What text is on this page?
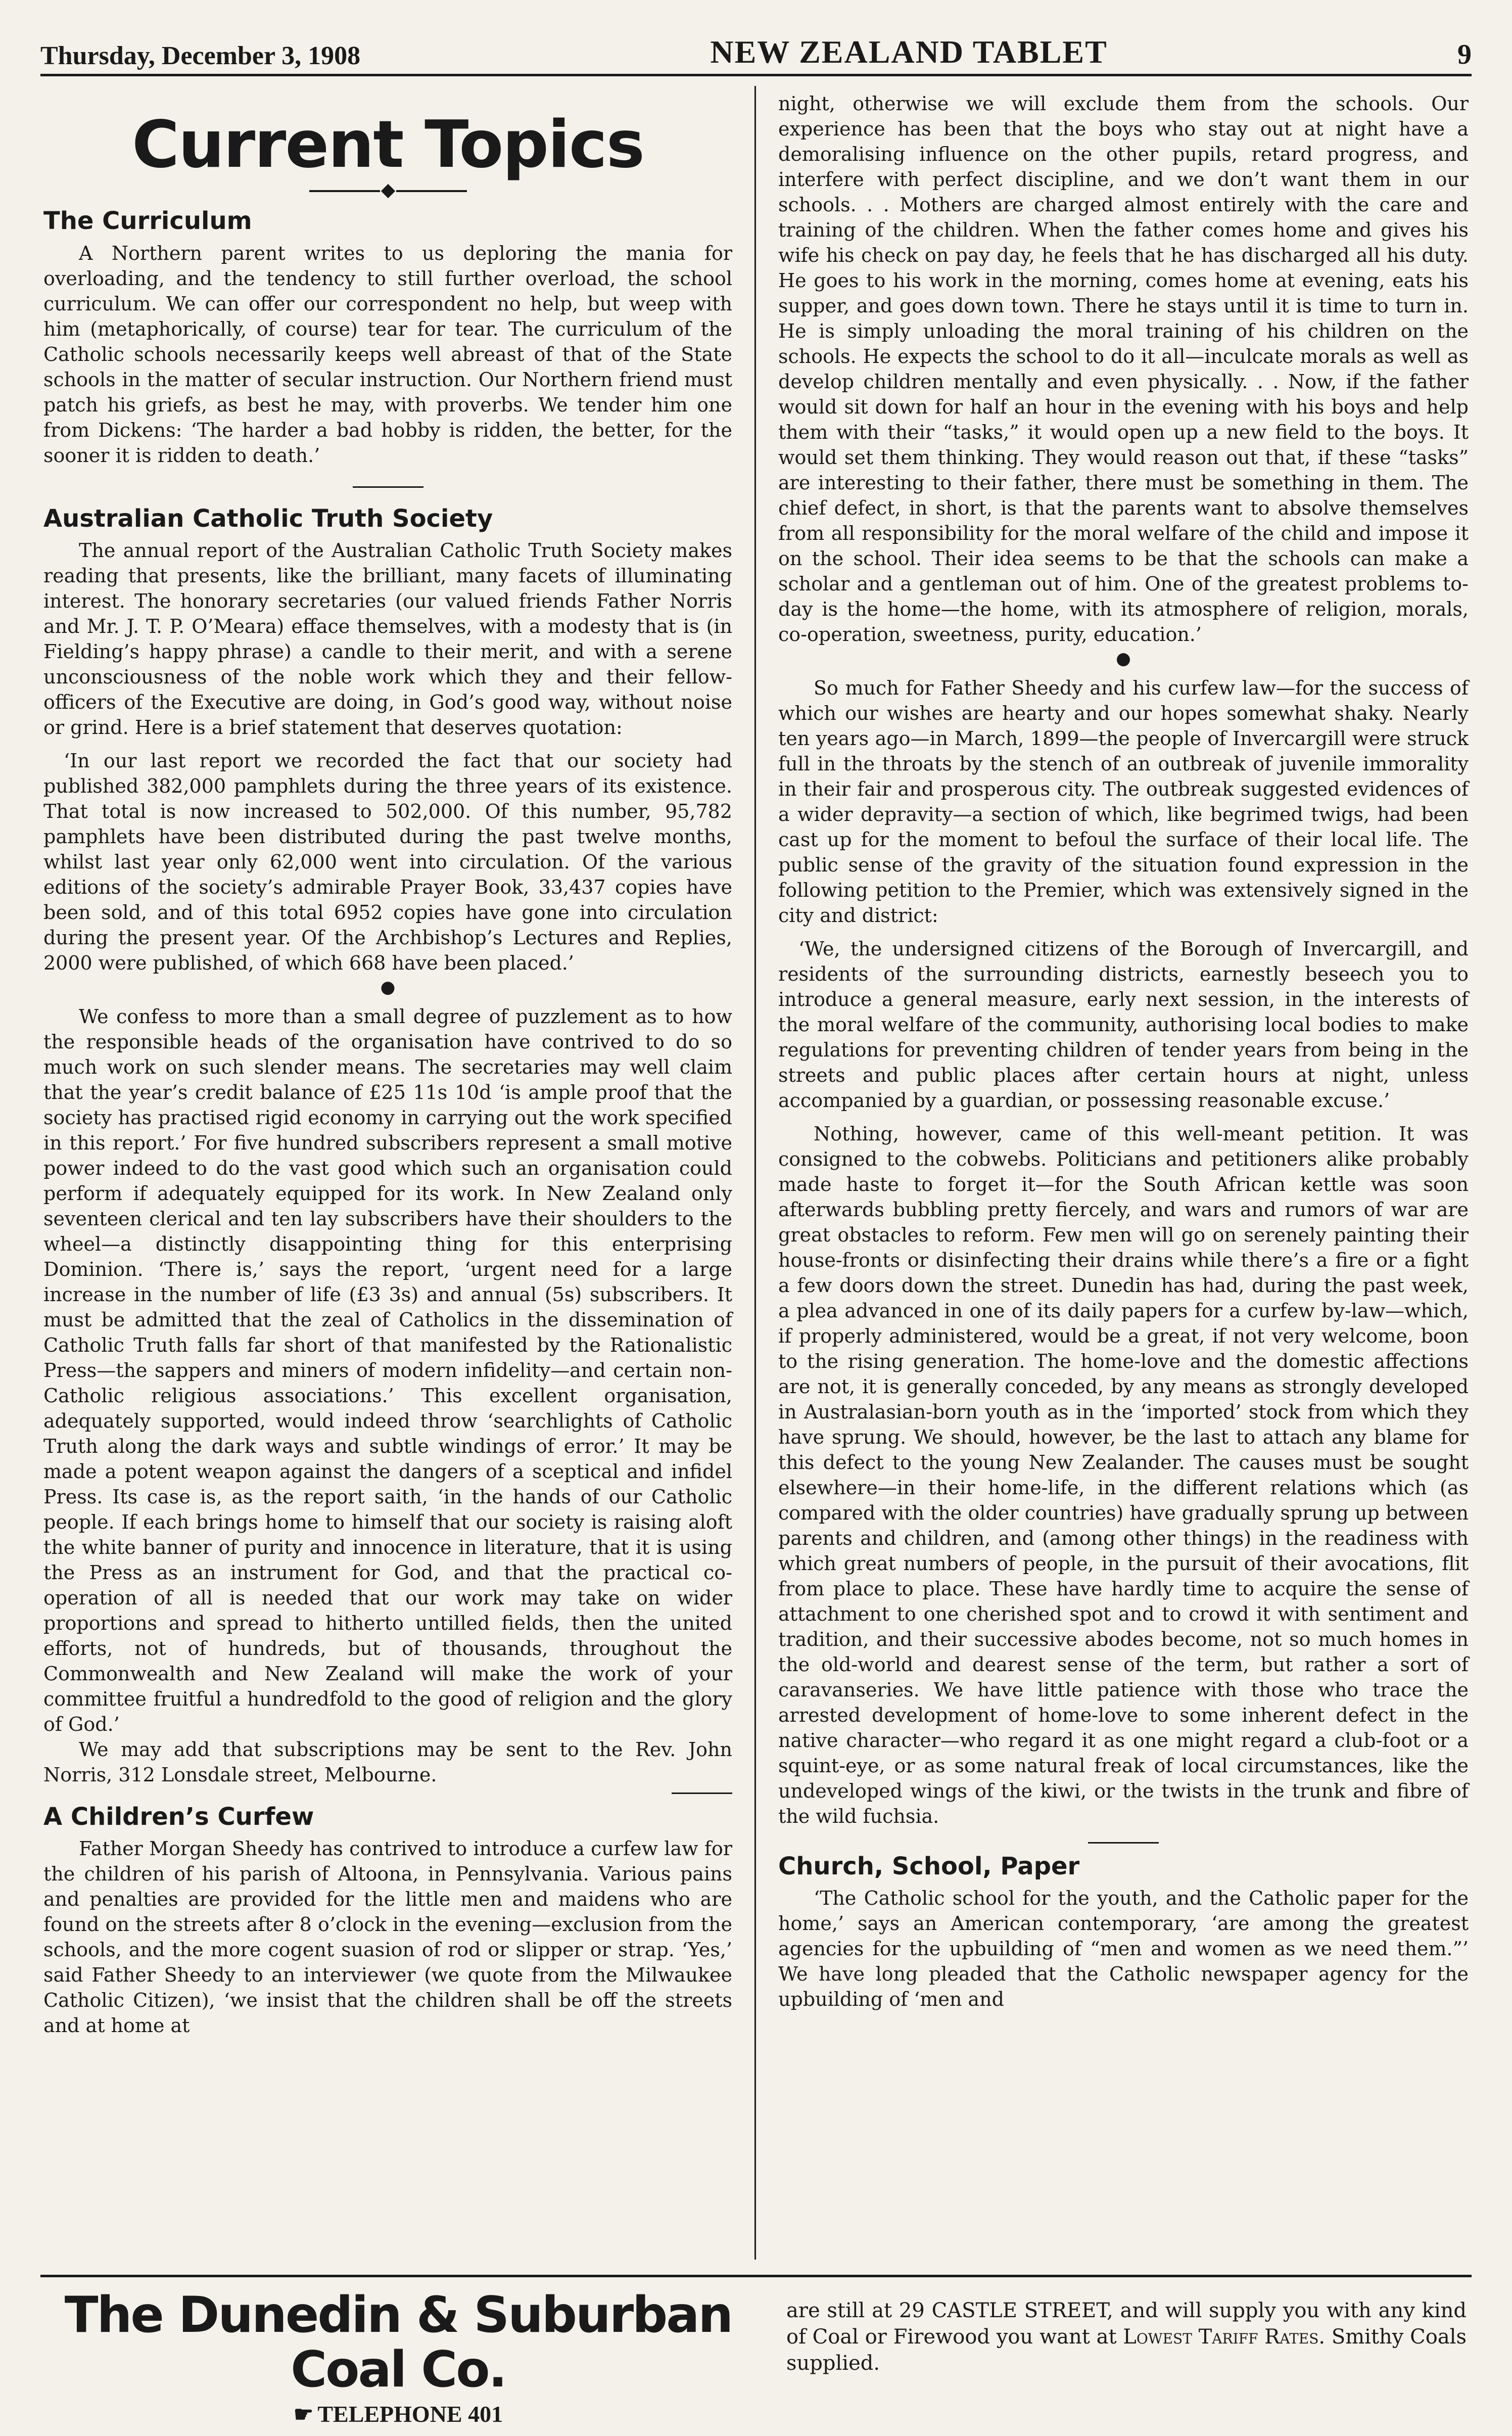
Thursday, December 3, 1908	NEW ZEALAND TABLET	9
Current Topics
The Curriculum

A Northern parent writes to us deploring the mania for overloading, and the tendency to still further overload, the school curriculum. We can offer our correspondent no help, but weep with him (metaphorically, of course) tear for tear. The curriculum of the Catholic schools necessarily keeps well abreast of that of the State schools in the matter of secular instruction. Our Northern friend must patch his griefs, as best he may, with proverbs. We tender him one from Dickens: ‘The harder a bad hobby is ridden, the better, for the sooner it is ridden to death.’

Australian Catholic Truth Society

The annual report of the Australian Catholic Truth Society makes reading that presents, like the brilliant, many facets of illuminating interest. The honorary secretaries (our valued friends Father Norris and Mr. J. T. P. O’Meara) efface themselves, with a modesty that is (in Fielding’s happy phrase) a candle to their merit, and with a serene unconsciousness of the noble work which they and their fellow-officers of the Executive are doing, in God’s good way, without noise or grind. Here is a brief statement that deserves quotation:

‘In our last report we recorded the fact that our society had published 382,000 pamphlets during the three years of its existence. That total is now increased to 502,000. Of this number, 95,782 pamphlets have been distributed during the past twelve months, whilst last year only 62,000 went into circulation. Of the various editions of the society’s admirable Prayer Book, 33,437 copies have been sold, and of this total 6952 copies have gone into circulation during the present year. Of the Archbishop’s Lectures and Replies, 2000 were published, of which 668 have been placed.’

●

We confess to more than a small degree of puzzlement as to how the responsible heads of the organisation have contrived to do so much work on such slender means. The secretaries may well claim that the year’s credit balance of £25 11s 10d ‘is ample proof that the society has practised rigid economy in carrying out the work specified in this report.’ For five hundred subscribers represent a small motive power indeed to do the vast good which such an organisation could perform if adequately equipped for its work. In New Zealand only seventeen clerical and ten lay subscribers have their shoulders to the wheel—a distinctly disappointing thing for this enterprising Dominion. ‘There is,’ says the report, ‘urgent need for a large increase in the number of life (£3 3s) and annual (5s) subscribers. It must be admitted that the zeal of Catholics in the dissemination of Catholic Truth falls far short of that manifested by the Rationalistic Press—the sappers and miners of modern infidelity—and certain non-Catholic religious associations.’ This excellent organisation, adequately supported, would indeed throw ‘searchlights of Catholic Truth along the dark ways and subtle windings of error.’ It may be made a potent weapon against the dangers of a sceptical and infidel Press. Its case is, as the report saith, ‘in the hands of our Catholic people. If each brings home to himself that our society is raising aloft the white banner of purity and innocence in literature, that it is using the Press as an instrument for God, and that the practical co-operation of all is needed that our work may take on wider proportions and spread to hitherto untilled fields, then the united efforts, not of hundreds, but of thousands, throughout the Commonwealth and New Zealand will make the work of your committee fruitful a hundredfold to the good of religion and the glory of God.’

We may add that subscriptions may be sent to the Rev. John Norris, 312 Lonsdale street, Melbourne.

A Children’s Curfew

Father Morgan Sheedy has contrived to introduce a curfew law for the children of his parish of Altoona, in Pennsylvania. Various pains and penalties are provided for the little men and maidens who are found on the streets after 8 o’clock in the evening—exclusion from the schools, and the more cogent suasion of rod or slipper or strap. ‘Yes,’ said Father Sheedy to an interviewer (we quote from the Milwaukee Catholic Citizen), ‘we insist that the children shall be off the streets and at home at

night, otherwise we will exclude them from the schools. Our experience has been that the boys who stay out at night have a demoralising influence on the other pupils, retard progress, and interfere with perfect discipline, and we don’t want them in our schools. . . Mothers are charged almost entirely with the care and training of the children. When the father comes home and gives his wife his check on pay day, he feels that he has discharged all his duty. He goes to his work in the morning, comes home at evening, eats his supper, and goes down town. There he stays until it is time to turn in. He is simply unloading the moral training of his children on the schools. He expects the school to do it all—inculcate morals as well as develop children mentally and even physically. . . Now, if the father would sit down for half an hour in the evening with his boys and help them with their “tasks,” it would open up a new field to the boys. It would set them thinking. They would reason out that, if these “tasks” are interesting to their father, there must be something in them. The chief defect, in short, is that the parents want to absolve themselves from all responsibility for the moral welfare of the child and impose it on the school. Their idea seems to be that the schools can make a scholar and a gentleman out of him. One of the greatest problems to-day is the home—the home, with its atmosphere of religion, morals, co-operation, sweetness, purity, education.’

●

So much for Father Sheedy and his curfew law—for the success of which our wishes are hearty and our hopes somewhat shaky. Nearly ten years ago—in March, 1899—the people of Invercargill were struck full in the throats by the stench of an outbreak of juvenile immorality in their fair and prosperous city. The outbreak suggested evidences of a wider depravity—a section of which, like begrimed twigs, had been cast up for the moment to befoul the surface of their local life. The public sense of the gravity of the situation found expression in the following petition to the Premier, which was extensively signed in the city and district:

‘We, the undersigned citizens of the Borough of Invercargill, and residents of the surrounding districts, earnestly beseech you to introduce a general measure, early next session, in the interests of the moral welfare of the community, authorising local bodies to make regulations for preventing children of tender years from being in the streets and public places after certain hours at night, unless accompanied by a guardian, or possessing reasonable excuse.’

Nothing, however, came of this well-meant petition. It was consigned to the cobwebs. Politicians and petitioners alike probably made haste to forget it—for the South African kettle was soon afterwards bubbling pretty fiercely, and wars and rumors of war are great obstacles to reform. Few men will go on serenely painting their house-fronts or disinfecting their drains while there’s a fire or a fight a few doors down the street. Dunedin has had, during the past week, a plea advanced in one of its daily papers for a curfew by-law—which, if properly administered, would be a great, if not very welcome, boon to the rising generation. The home-love and the domestic affections are not, it is generally conceded, by any means as strongly developed in Australasian-born youth as in the ‘imported’ stock from which they have sprung. We should, however, be the last to attach any blame for this defect to the young New Zealander. The causes must be sought elsewhere—in their home-life, in the different relations which (as compared with the older countries) have gradually sprung up between parents and children, and (among other things) in the readiness with which great numbers of people, in the pursuit of their avocations, flit from place to place. These have hardly time to acquire the sense of attachment to one cherished spot and to crowd it with sentiment and tradition, and their successive abodes become, not so much homes in the old-world and dearest sense of the term, but rather a sort of caravanseries. We have little patience with those who trace the arrested development of home-love to some inherent defect in the native character—who regard it as one might regard a club-foot or a squint-eye, or as some natural freak of local circumstances, like the undeveloped wings of the kiwi, or the twists in the trunk and fibre of the wild fuchsia.

Church, School, Paper

‘The Catholic school for the youth, and the Catholic paper for the home,’ says an American contemporary, ‘are among the greatest agencies for the upbuilding of “men and women as we need them.”’ We have long pleaded that the Catholic newspaper agency for the upbuilding of ‘men and

The Dunedin & Suburban Coal Co.
☛ TELEPHONE 401
are still at 29 CASTLE STREET, and will supply you with any kind of Coal or Firewood you want at Lowest Tariff Rates. Smithy Coals supplied.
